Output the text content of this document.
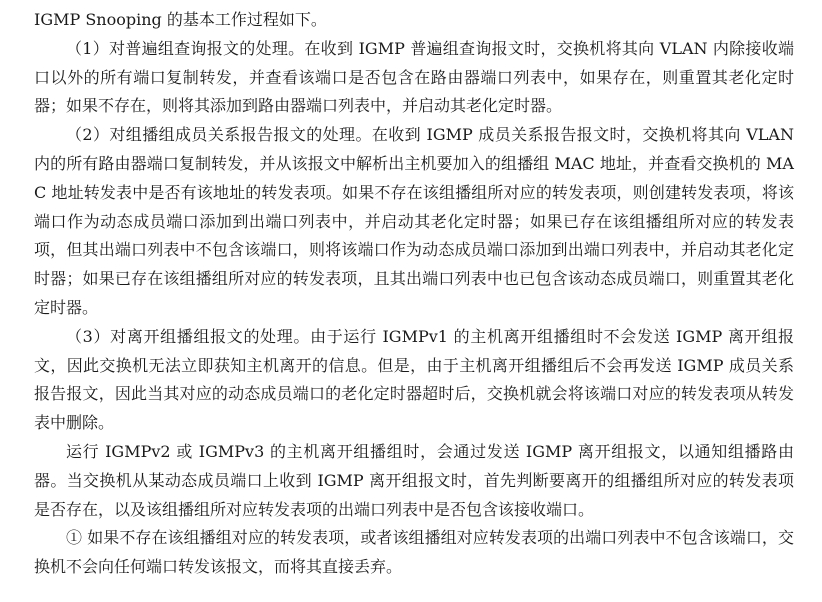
IGMP Snooping 的基本工作过程如下。

（1）对普遍组查询报文的处理。在收到 IGMP 普遍组查询报文时，交换机将其向 VLAN 内除接收端口以外的所有端口复制转发，并查看该端口是否包含在路由器端口列表中，如果存在，则重置其老化定时器；如果不存在，则将其添加到路由器端口列表中，并启动其老化定时器。

（2）对组播组成员关系报告报文的处理。在收到 IGMP 成员关系报告报文时，交换机将其向 VLAN 内的所有路由器端口复制转发，并从该报文中解析出主机要加入的组播组 MAC 地址，并查看交换机的 MAC 地址转发表中是否有该地址的转发表项。如果不存在该组播组所对应的转发表项，则创建转发表项，将该端口作为动态成员端口添加到出端口列表中，并启动其老化定时器；如果已存在该组播组所对应的转发表项，但其出端口列表中不包含该端口，则将该端口作为动态成员端口添加到出端口列表中，并启动其老化定时器；如果已存在该组播组所对应的转发表项，且其出端口列表中也已包含该动态成员端口，则重置其老化定时器。

（3）对离开组播组报文的处理。由于运行 IGMPv1 的主机离开组播组时不会发送 IGMP 离开组报文，因此交换机无法立即获知主机离开的信息。但是，由于主机离开组播组后不会再发送 IGMP 成员关系报告报文，因此当其对应的动态成员端口的老化定时器超时后，交换机就会将该端口对应的转发表项从转发表中删除。

运行 IGMPv2 或 IGMPv3 的主机离开组播组时，会通过发送 IGMP 离开组报文，以通知组播路由器。当交换机从某动态成员端口上收到 IGMP 离开组报文时，首先判断要离开的组播组所对应的转发表项是否存在，以及该组播组所对应转发表项的出端口列表中是否包含该接收端口。

① 如果不存在该组播组对应的转发表项，或者该组播组对应转发表项的出端口列表中不包含该端口，交换机不会向任何端口转发该报文，而将其直接丢弃。
